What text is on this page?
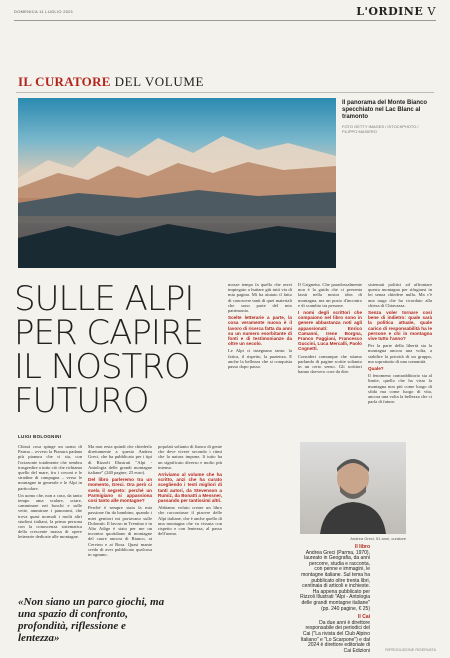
DOMENICA 11 LUGLIO 2021	L'ORDINE V
IL CURATORE DEL VOLUME
Il panorama del Monte Bianco specchiato nel Lac Blanc al tramonto
FOTO GETTY IMAGES / ISTOCKPHOTO / FILIPPO MASIERO
SULLE ALPI
PER CAPIRE
IL NOSTRO
FUTURO
LUIGI BOLOGNINI

Chissà cosa spinge un uomo di Parma – ovvero la Pianura padana più pianura che ci sia, con l'orizzonte totalmente che sembra trasgredire a tutto ciò che richiama quello del mare, fra i covoni e le stradine di campagna – verso le montagne in generale e le Alpi in particolare.

Un uomo che, non a caso, da tanto tempo ama scalare, sciare, camminare nei boschi e sulle vette, ammirare i panorami, che trova quasi normali i molti altri studiosi italiani, la prima persona con la conoscenza sistematica della crescente massa di opere letterarie dedicate alle montagne.

Ma non resta quindi che chiederlo direttamente a questo Andrea Greci, che ha pubblicato per i tipi di Rizzoli Illustrati "Alpi - Antologia delle grandi montagne italiane" (240 pagine, 25 euro).

Del libro parleremo tra un momento, Greci. Ora però ci svela il segreto: perché un Parmigiano si appassiona così tanto alle montagne?

Perché è sempre stata la mia passione fin da bambino, quando i miei genitori mi portavano sulle Dolomiti. Il lavoro in Trentino e in Alto Adige è stato per me un incontro quotidiano di montagne del cuore ancora di Bianco, ai Cervino e ai Rosa. Quasi manie credo di aver pubblicato qualcosa in ognuno.

popolati soltanto di fianco di gente che deve vivere secondo i ritmi che la natura impone, lì tutto ha un significato diverso e molto più intenso.

Arriviamo al volume che ha scritto, anzi che ha curato scegliendo i testi migliori di tanti autori, da Stevenson a Rumiz, da Bonatti a Messner, passando per tantissimi altri.

Abbiamo voluto creare un libro che raccontasse il piacere delle Alpi italiane, che è anche quello di una montagna che va vissuta con rispetto e con lentezza, al passo dell'uomo.

mosse tempo fa quello che avrei impiegato a buttare giù tutti via di mia pagina. Mi ha aiutato il fatto di conoscere tanti di quei materiali che sono parte del mio patrimonio.

Scelte letterarie a parte, la cosa veramente nuova è il lavoro di ricerca fatta da anni su un numero esorbitante di fonti e di testimonianze da oltre un secolo.

Le Alpi ci insegnano tanto: la fatica, il rispetto, la pazienza. E anche la bellezza che si conquista passo dopo passo.

Il Grignetta. Che paradossalmente non è la guida che ci presenta lassù nella nostra idea di montagna, ma un posto d'incontro e di scambio tra persone.

I nomi degli scrittori che compaiono nel libro sono in genere abbastanza noti agli appassionati: Enrico Camanni, Irene Borgna, Franco Faggiani, Francesco Guccini, Luca Mercalli, Paolo Cognetti.

Consideri comunque che stiamo parlando di pagine scritte soltanto in un certo senso. Gli scrittori hanno davvero cose da dire.

sistemati politici ad affrontare questa montagna per rifugiarsi in lei senza chiedere nulla. Ma c'è una targa che ho ricordato alla chiesa di Chiavazza.

Senza voler tornare così bene di indietro: quale sarà la politica attuale, quale carico di responsabilità ha le persone e chi in montagna vive tutto l'anno?

Per la parte della libertà sia la montagna ancora una volta, a stabilire la priorità di un gruppo, ma soprattutto di una comunità.

Quale?

Il fenomeno contraddittorio sta al limite, quello che ha visto la montagna non più come luogo di sfida ma come luogo di vita, ancora una volta la bellezza che ci parla di futuro.

«Non siano un parco giochi, ma una spazio di confronto, profondità, riflessione e lentezza»
Andrea Greci, 51 anni, curatore
Il libro
Andrea Greci (Parma, 1970), laureato in Geografia, da anni percorre, studia e racconta, con penne e immagini, le montagne italiane. Sul tema ha pubblicato oltre trenta libri, centinaia di articoli e inchieste. Ha appena pubblicato per Rizzoli Illustrati "Alpi - Antologia delle grandi montagne italiane" (pp. 240 pagine, € 25)
Il Cai
Da due anni è direttore responsabile dei periodici del Cai ("La rivista del Club Alpino Italiano" e "Lo Scarpone") e dal 2024 è direttore editoriale di Cai Edizioni	RIPRODUZIONE RISERVATA
